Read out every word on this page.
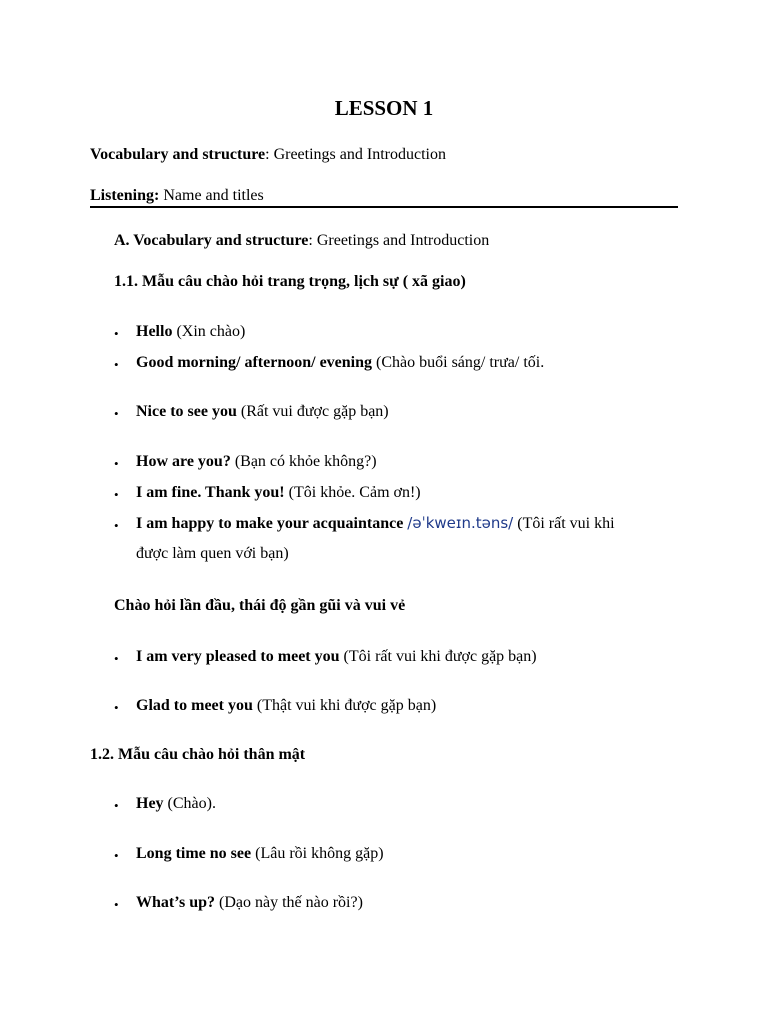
LESSON 1
Vocabulary and structure: Greetings and Introduction
Listening: Name and titles
A. Vocabulary and structure: Greetings and Introduction
1.1. Mẫu câu chào hỏi trang trọng, lịch sự ( xã giao)
• Hello (Xin chào)
• Good morning/ afternoon/ evening (Chào buổi sáng/ trưa/ tối.
• Nice to see you (Rất vui được gặp bạn)
• How are you? (Bạn có khỏe không?)
• I am fine. Thank you! (Tôi khỏe. Cảm ơn!)
• I am happy to make your acquaintance /əˈkweɪn.təns/ (Tôi rất vui khi
được làm quen với bạn)
Chào hỏi lần đầu, thái độ gần gũi và vui vẻ
• I am very pleased to meet you (Tôi rất vui khi được gặp bạn)
• Glad to meet you (Thật vui khi được gặp bạn)
1.2. Mẫu câu chào hỏi thân mật
• Hey (Chào).
• Long time no see (Lâu rồi không gặp)
• What’s up? (Dạo này thế nào rồi?)
